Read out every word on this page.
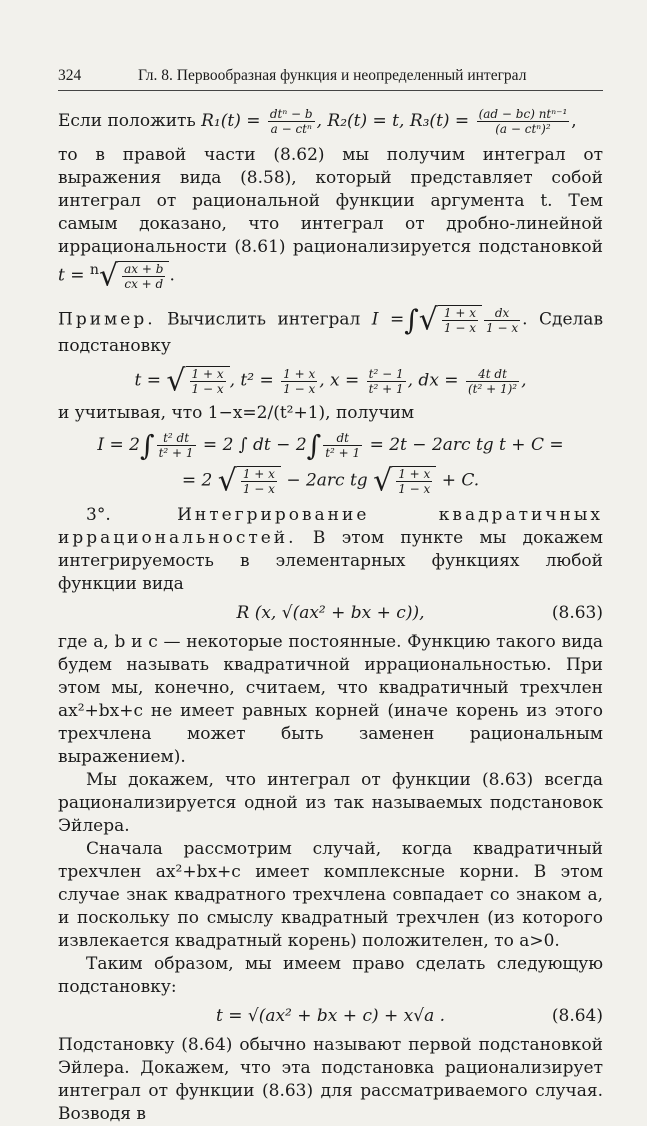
324	Гл. 8. Первообразная функция и неопределенный интеграл
Если положить $R_1(t) = \frac{\text{dtⁿ − b}}{\text{a − ctⁿ}}$ , R₂(t) = t, $R_3(t) = \frac{\text{(ad − bc) ntⁿ⁻¹}}{\text{(a − ctⁿ)²}}$ ,

то в правой части (8.62) мы получим интеграл от выражения вида (8.58), который представляет собой интеграл от рациональной функции аргумента t. Тем самым доказано, что интеграл от дробно-линейной иррациональности (8.61) рационализируется подстановкой $t = ^n√ \frac{ax + b}{cx + d}$ .

Пример. Вычислить интеграл I =∫√ $\frac{1 + x}{1 - x} \frac{dx}{1 - x}$ . Сделав подстановку

t = √ $\frac{1 + x}{1 - x}$ , $t^2 = \frac{1 + x}{1 - x}$ , $x = \frac{\text{t² − 1}}{\text{t² + 1}}$ , dx = $\frac{\text{4t dt}}{\text{(t² + 1)²}}$ ,

и учитывая, что 1−x=2/(t²+1), получим

$I = 2\int \frac{\text{t² dt}}{\text{t² + 1}} = 2$ ∫ dt − $2\int \frac{dt}{\text{t² + 1}} = 2t - 2arc$ tg t + C =
= 2 √ $\frac{1 + x}{1 - x} - 2arc$ tg √ $\frac{1 + x}{1 - x} + C$.

3°.	Интегрирование квадратичных иррациональностей. В этом пункте мы докажем интегрируемость в элементарных функциях любой функции вида

R (x, √(ax² + bx + c)),	(8.63)

где a, b и c — некоторые постоянные. Функцию такого вида будем называть квадратичной иррациональностью. При этом мы, конечно, считаем, что квадратичный трехчлен ax²+bx+c не имеет равных корней (иначе корень из этого трехчлена может быть заменен рациональным выражением).

Мы докажем, что интеграл от функции (8.63) всегда рационализируется одной из так называемых подстановок Эйлера.

Сначала рассмотрим случай, когда квадратичный трехчлен ax²+bx+c имеет комплексные корни. В этом случае знак квадратного трехчлена совпадает со знаком a, и поскольку по смыслу квадратный трехчлен (из которого извлекается квадратный корень) положителен, то a>0.

Таким образом, мы имеем право сделать следующую подстановку:

t = √(ax² + bx + c) + x√a .	(8.64)

Подстановку (8.64) обычно называют первой подстановкой Эйлера. Докажем, что эта подстановка рационализирует интеграл от функции (8.63) для рассматриваемого случая. Возводя в
